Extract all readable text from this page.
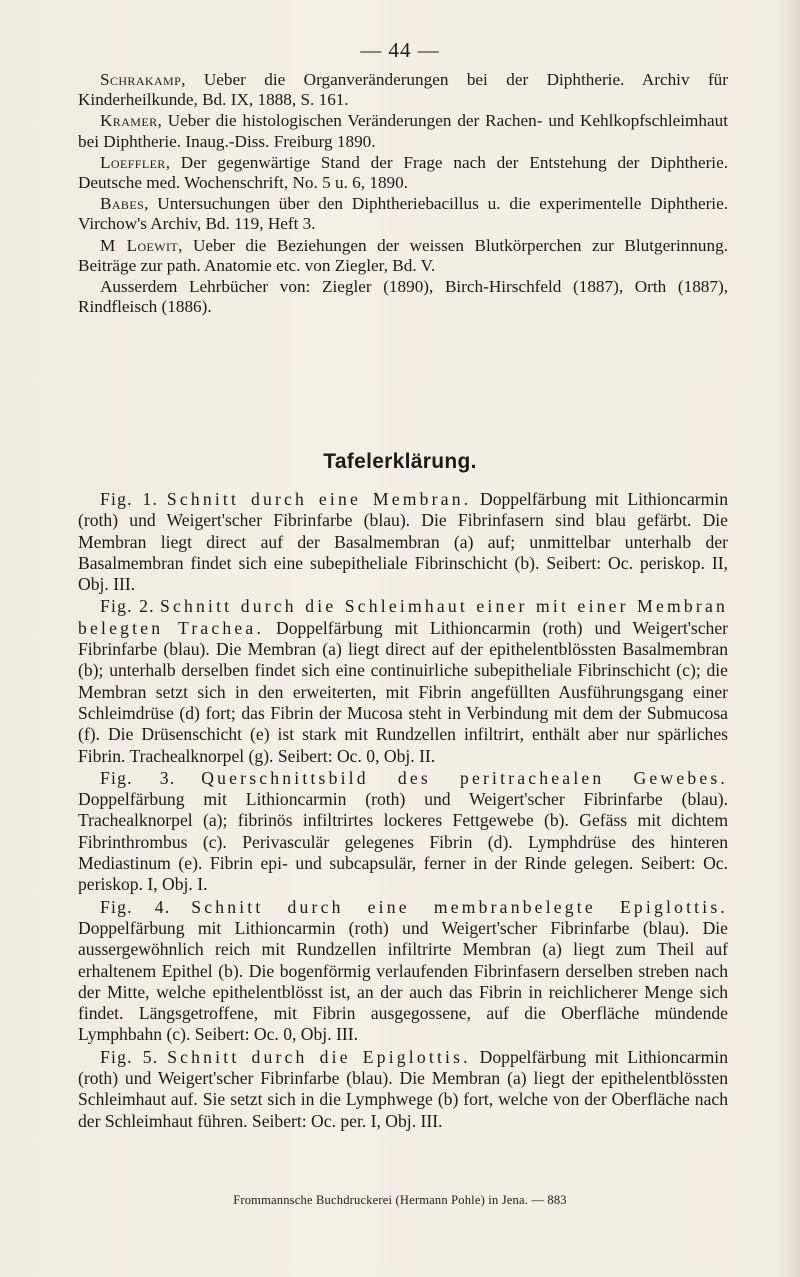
— 44 —

Schrakamp, Ueber die Organveränderungen bei der Diphtherie. Archiv für Kinderheilkunde, Bd. IX, 1888, S. 161.

Kramer, Ueber die histologischen Veränderungen der Rachen- und Kehlkopfschleimhaut bei Diphtherie. Inaug.-Diss. Freiburg 1890.

Loeffler, Der gegenwärtige Stand der Frage nach der Entstehung der Diphtherie. Deutsche med. Wochenschrift, No. 5 u. 6, 1890.

Babes, Untersuchungen über den Diphtheriebacillus u. die experimentelle Diphtherie. Virchow's Archiv, Bd. 119, Heft 3.

M Loewit, Ueber die Beziehungen der weissen Blutkörperchen zur Blutgerinnung. Beiträge zur path. Anatomie etc. von Ziegler, Bd. V.

Ausserdem Lehrbücher von: Ziegler (1890), Birch-Hirschfeld (1887), Orth (1887), Rindfleisch (1886).

Tafelerklärung.

Fig. 1. Schnitt durch eine Membran. Doppelfärbung mit Lithioncarmin (roth) und Weigert'scher Fibrinfarbe (blau). Die Fibrinfasern sind blau gefärbt. Die Membran liegt direct auf der Basalmembran (a) auf; unmittelbar unterhalb der Basalmembran findet sich eine subepitheliale Fibrinschicht (b). Seibert: Oc. periskop. II, Obj. III.

Fig. 2. Schnitt durch die Schleimhaut einer mit einer Membran belegten Trachea. Doppelfärbung mit Lithioncarmin (roth) und Weigert'scher Fibrinfarbe (blau). Die Membran (a) liegt direct auf der epithelentblössten Basalmembran (b); unterhalb derselben findet sich eine continuirliche subepitheliale Fibrinschicht (c); die Membran setzt sich in den erweiterten, mit Fibrin angefüllten Ausführungsgang einer Schleimdrüse (d) fort; das Fibrin der Mucosa steht in Verbindung mit dem der Submucosa (f). Die Drüsenschicht (e) ist stark mit Rundzellen infiltrirt, enthält aber nur spärliches Fibrin. Trachealknorpel (g). Seibert: Oc. 0, Obj. II.

Fig. 3. Querschnittsbild des peritrachealen Gewebes. Doppelfärbung mit Lithioncarmin (roth) und Weigert'scher Fibrinfarbe (blau). Trachealknorpel (a); fibrinös infiltrirtes lockeres Fettgewebe (b). Gefäss mit dichtem Fibrinthrombus (c). Perivasculär gelegenes Fibrin (d). Lymphdrüse des hinteren Mediastinum (e). Fibrin epi- und subcapsulär, ferner in der Rinde gelegen. Seibert: Oc. periskop. I, Obj. I.

Fig. 4. Schnitt durch eine membranbelegte Epiglottis. Doppelfärbung mit Lithioncarmin (roth) und Weigert'scher Fibrinfarbe (blau). Die aussergewöhnlich reich mit Rundzellen infiltrirte Membran (a) liegt zum Theil auf erhaltenem Epithel (b). Die bogenförmig verlaufenden Fibrinfasern derselben streben nach der Mitte, welche epithelentblösst ist, an der auch das Fibrin in reichlicherer Menge sich findet. Längsgetroffene, mit Fibrin ausgegossene, auf die Oberfläche mündende Lymphbahn (c). Seibert: Oc. 0, Obj. III.

Fig. 5. Schnitt durch die Epiglottis. Doppelfärbung mit Lithioncarmin (roth) und Weigert'scher Fibrinfarbe (blau). Die Membran (a) liegt der epithelentblössten Schleimhaut auf. Sie setzt sich in die Lymphwege (b) fort, welche von der Oberfläche nach der Schleimhaut führen. Seibert: Oc. per. I, Obj. III.

Frommannsche Buchdruckerei (Hermann Pohle) in Jena. — 883
